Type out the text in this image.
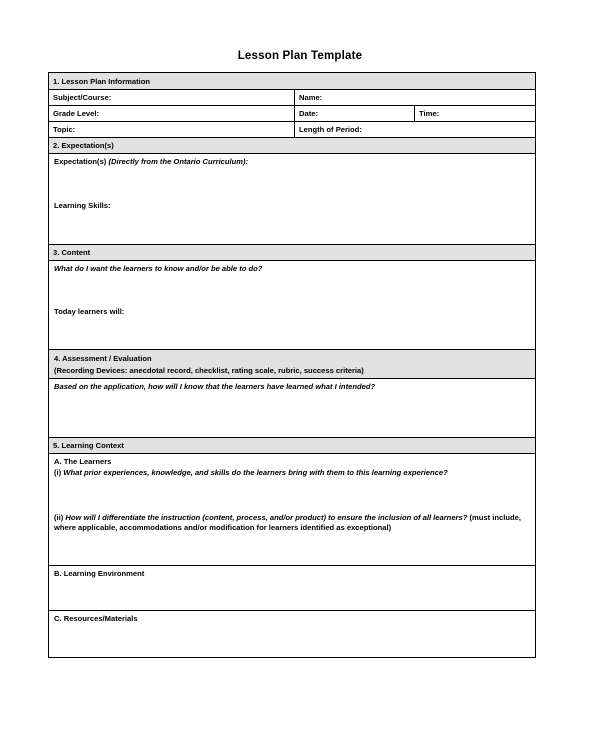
Lesson Plan Template
1. Lesson Plan Information
Subject/Course:	Name:
Grade Level:	Date:	Time:
Topic:	Length of Period:
2. Expectation(s)
Expectation(s) (Directly from the Ontario Curriculum):
Learning Skills:
3. Content
What do I want the learners to know and/or be able to do?
Today learners will:
4. Assessment / Evaluation
(Recording Devices: anecdotal record, checklist, rating scale, rubric, success criteria)
Based on the application, how will I know that the learners have learned what I intended?
5. Learning Context
A. The Learners
(i) What prior experiences, knowledge, and skills do the learners bring with them to this learning experience?
(ii) How will I differentiate the instruction (content, process, and/or product) to ensure the inclusion of all learners? (must include, where applicable, accommodations and/or modification for learners identified as exceptional)
B. Learning Environment
C. Resources/Materials
